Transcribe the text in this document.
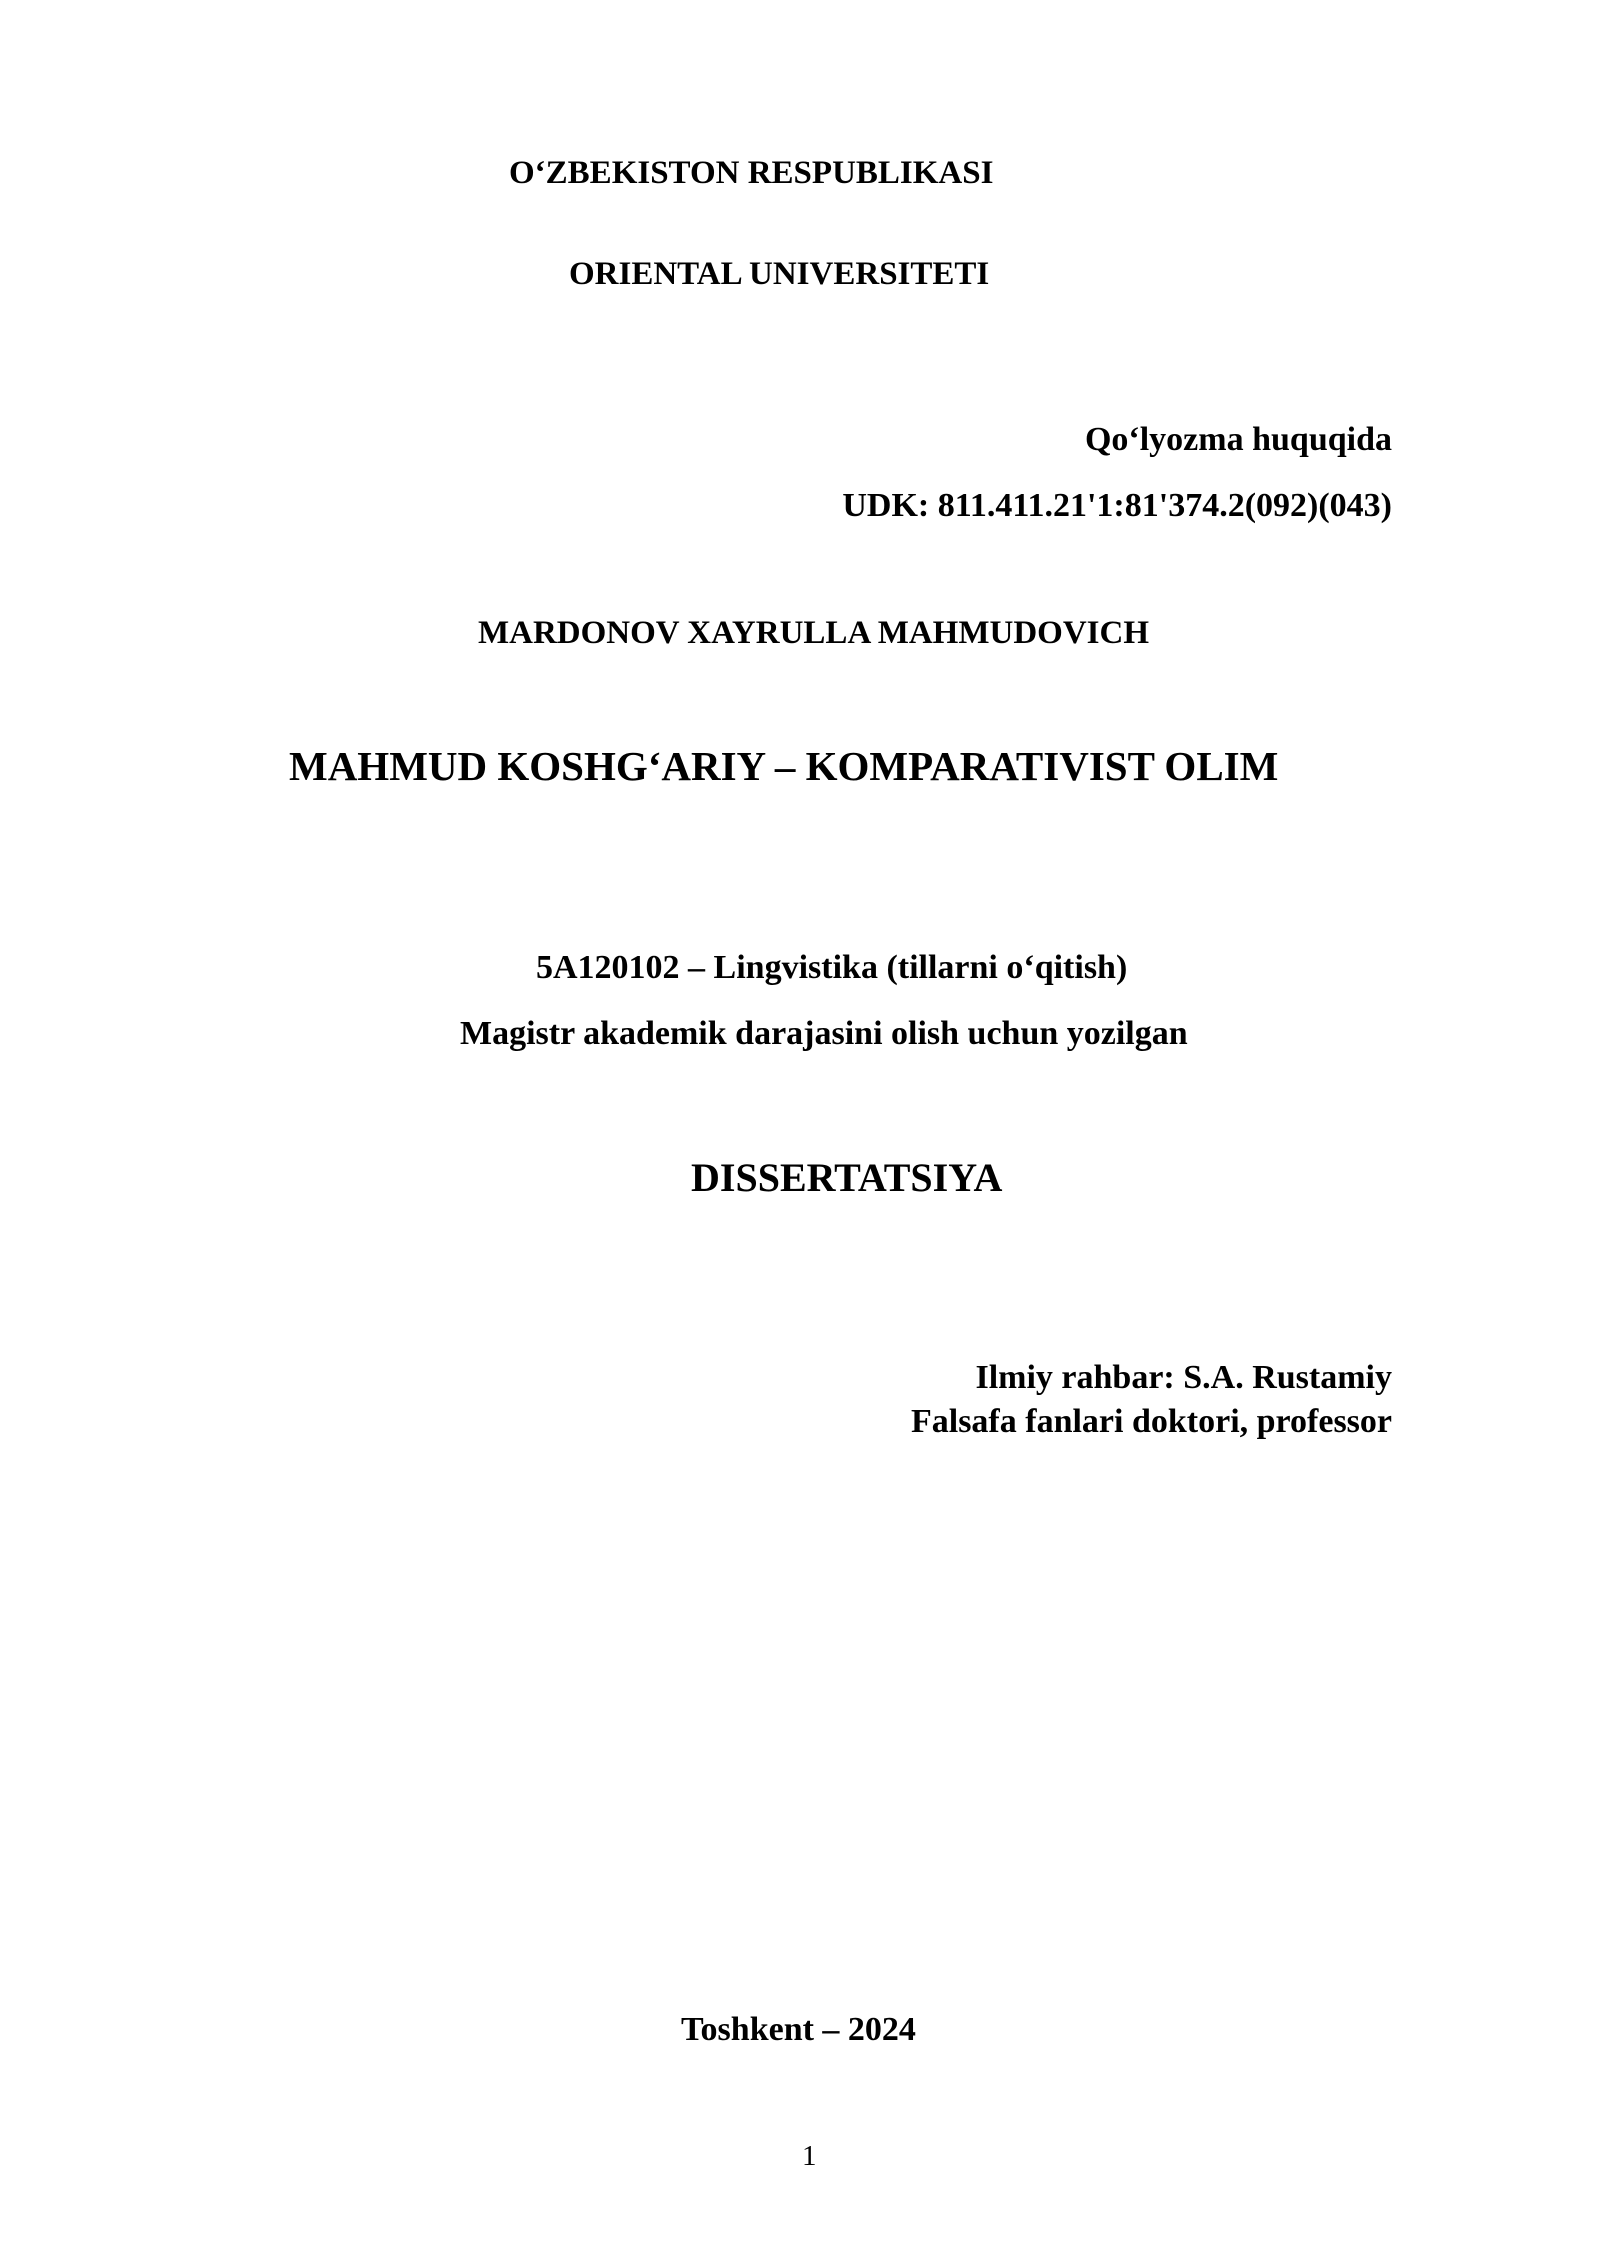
O‘ZBEKISTON RESPUBLIKASI

ORIENTAL UNIVERSITETI

Qo‘lyozma huquqida

UDK: 811.411.21'1:81'374.2(092)(043)

MARDONOV XAYRULLA MAHMUDOVICH

MAHMUD KOSHG‘ARIY – KOMPARATIVIST OLIM

5A120102 – Lingvistika (tillarni o‘qitish)

Magistr akademik darajasini olish uchun yozilgan

DISSERTATSIYA

Ilmiy rahbar: S.A. Rustamiy

Falsafa fanlari doktori, professor

Toshkent – 2024

1
